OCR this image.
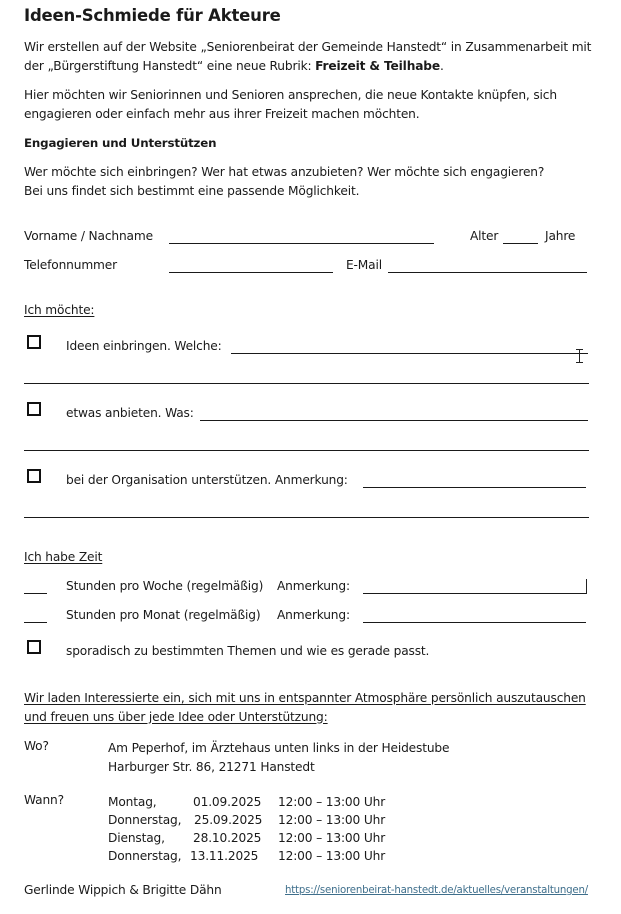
Ideen-Schmiede für Akteure
Wir erstellen auf der Website „Seniorenbeirat der Gemeinde Hanstedt“ in Zusammenarbeit mit
der „Bürgerstiftung Hanstedt“ eine neue Rubrik: Freizeit & Teilhabe.
Hier möchten wir Seniorinnen und Senioren ansprechen, die neue Kontakte knüpfen, sich
engagieren oder einfach mehr aus ihrer Freizeit machen möchten.
Engagieren und Unterstützen
Wer möchte sich einbringen? Wer hat etwas anzubieten? Wer möchte sich engagieren?
Bei uns findet sich bestimmt eine passende Möglichkeit.
Vorname / Nachname	Alter	Jahre
Telefonnummer	E-Mail
Ich möchte:
Ideen einbringen. Welche:
etwas anbieten. Was:
bei der Organisation unterstützen. Anmerkung:
Ich habe Zeit
Stunden pro Woche (regelmäßig) Anmerkung:
Stunden pro Monat (regelmäßig) Anmerkung:
sporadisch zu bestimmten Themen und wie es gerade passt.
Wir laden Interessierte ein, sich mit uns in entspannter Atmosphäre persönlich auszutauschen
und freuen uns über jede Idee oder Unterstützung:
Wo?	Am Peperhof, im Ärztehaus unten links in der Heidestube
Harburger Str. 86, 21271 Hanstedt
Wann?	Montag,	01.09.2025 12:00 – 13:00 Uhr
Donnerstag, 25.09.2025 12:00 – 13:00 Uhr
Dienstag, 28.10.2025 12:00 – 13:00 Uhr
Donnerstag, 13.11.2025 12:00 – 13:00 Uhr
Gerlinde Wippich & Brigitte Dähn	https://seniorenbeirat-hanstedt.de/aktuelles/veranstaltungen/
